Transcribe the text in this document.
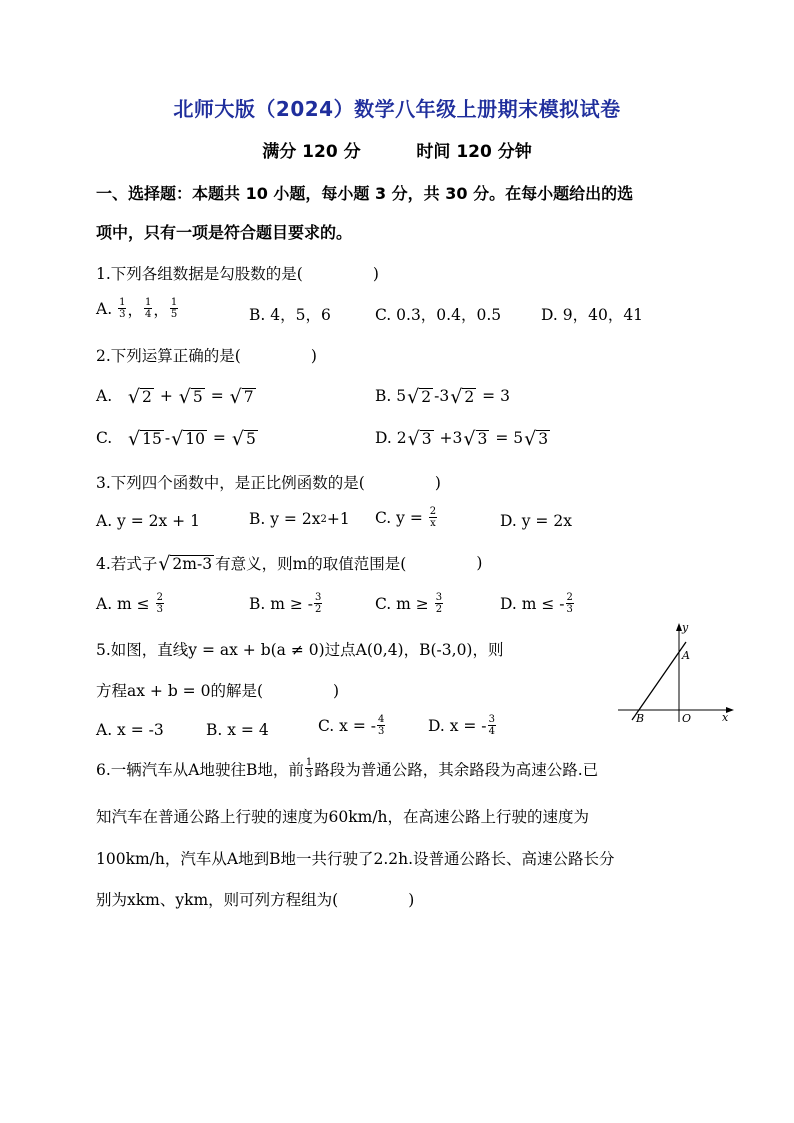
北师大版（2024）数学八年级上册期末模拟试卷
满分 120 分	时间 120 分钟
一、选择题：本题共 10 小题，每小题 3 分，共 30 分。在每小题给出的选
项中，只有一项是符合题目要求的。
1.下列各组数据是勾股数的是(	)
A.
$\frac{1}{3}$ ， $\frac{1}{4}$ ， $\frac{1}{5}$	B. 4，5，6	C. 0.3，0.4，0.5	D. 9，40，41
2.下列运算正确的是(	)
A.
√ 2
+
√ 5
=
√ 7	B.
5 √ 2 -3 √ 2
= 3
C.
√ 15 - √ 10
=
√ 5	D.
2 √ 3
+3 √ 3
= 5 √ 3
3.下列四个函数中，是正比例函数的是(	)
A. y = 2x + 1	B. y = 2x 2 +1 C. y =
$\frac{2}{x}$	D. y = 2x
4.若式子 √ 2m-3 有意义，则m的取值范围是(	)
A. m ≤
$\frac{2}{3}$	B. m ≥ - $\frac{3}{2}$	C. m ≥
$\frac{3}{2}$	D. m ≤ - $\frac{2}{3}$
5.如图，直线y = ax + b(a ≠ 0)过点A(0,4)，B(-3,0)，则
方程ax + b = 0的解是(	)
A. x = -3	B. x = 4	C. x = - $\frac{4}{3}$	D. x = - $\frac{3}{4}$
y
x
A
B	O
6.一辆汽车从A地驶往B地，前 $\frac{1}{3}$ 路段为普通公路，其余路段为高速公路.已
知汽车在普通公路上行驶的速度为60km/h，在高速公路上行驶的速度为
100km/h，汽车从A地到B地一共行驶了2.2h.设普通公路长、高速公路长分
别为xkm、ykm，则可列方程组为(	)
